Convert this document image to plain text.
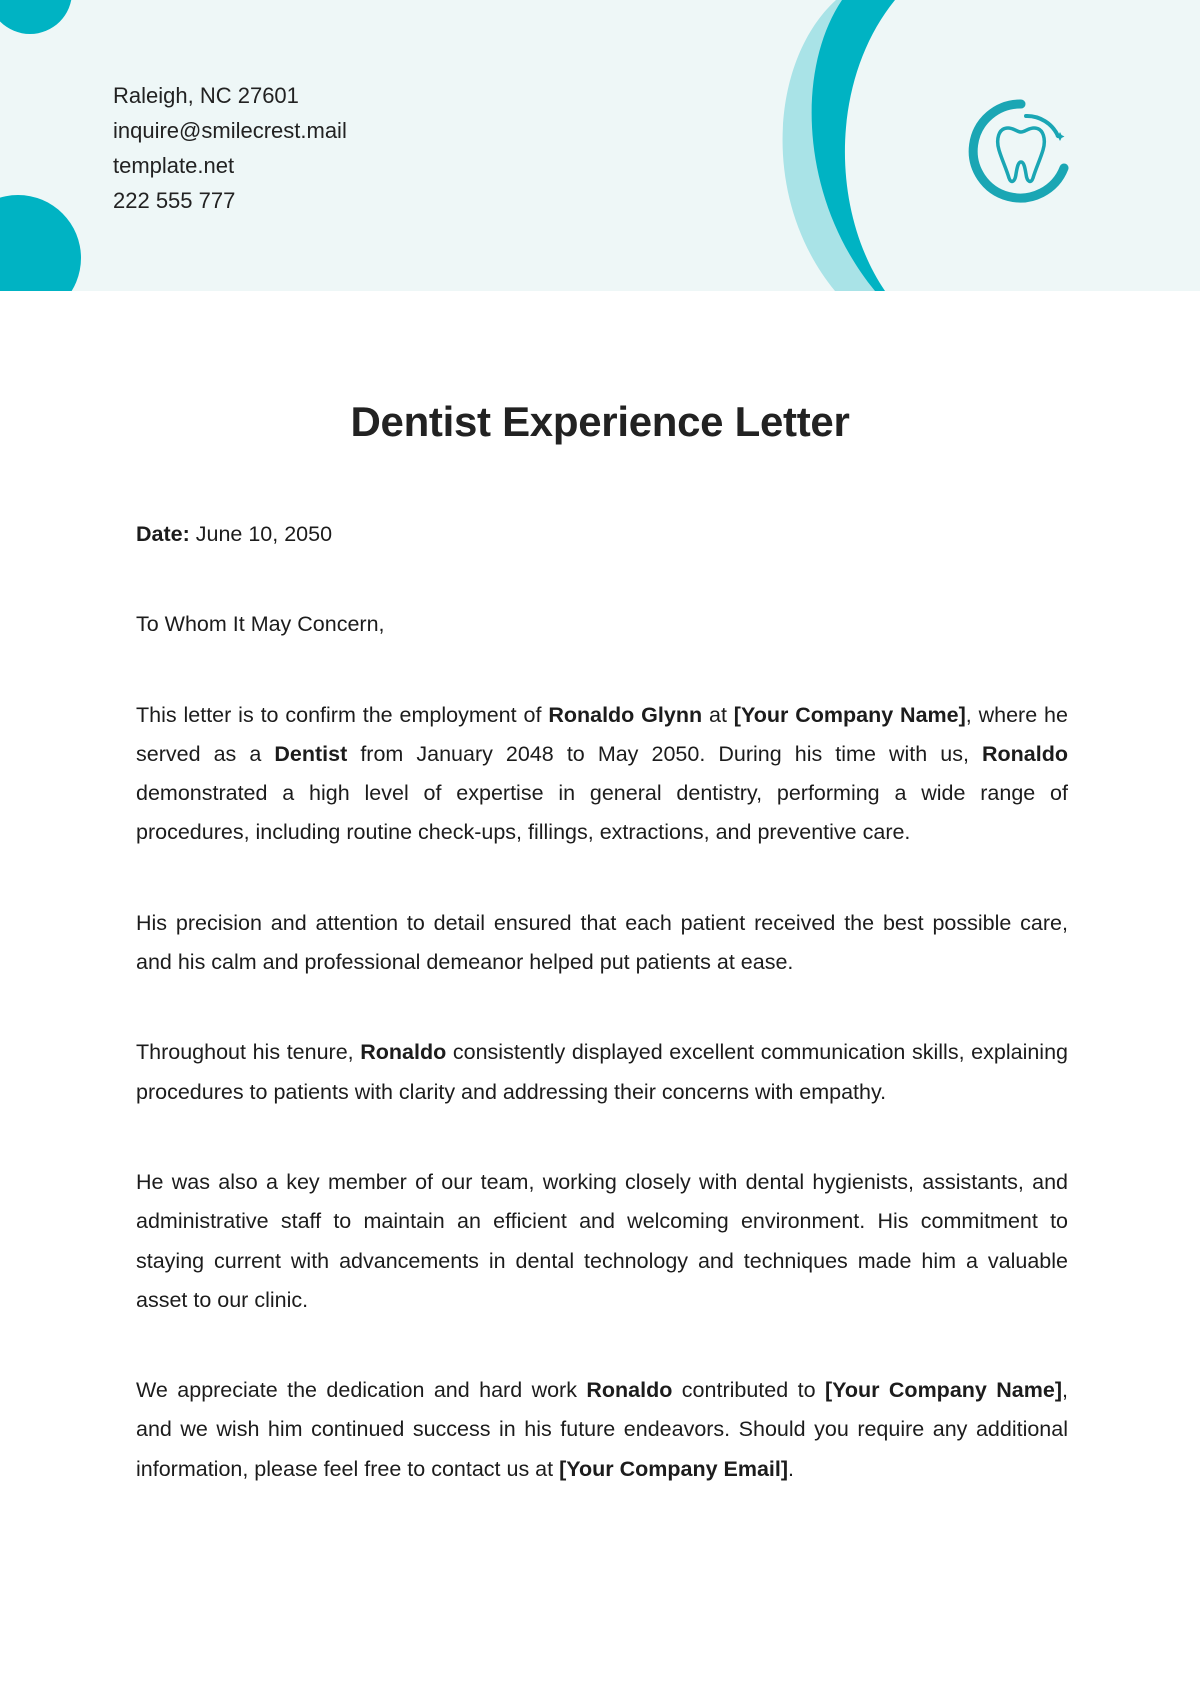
Raleigh, NC 27601
inquire@smilecrest.mail
template.net
222 555 777
Dentist Experience Letter

Date: June 10, 2050

To Whom It May Concern,

This letter is to confirm the employment of Ronaldo Glynn at [Your Company Name], where he served as a Dentist from January 2048 to May 2050. During his time with us, Ronaldo demonstrated a high level of expertise in general dentistry, performing a wide range of procedures, including routine check-ups, fillings, extractions, and preventive care.

His precision and attention to detail ensured that each patient received the best possible care, and his calm and professional demeanor helped put patients at ease.

Throughout his tenure, Ronaldo consistently displayed excellent communication skills, explaining procedures to patients with clarity and addressing their concerns with empathy.

He was also a key member of our team, working closely with dental hygienists, assistants, and administrative staff to maintain an efficient and welcoming environment. His commitment to staying current with advancements in dental technology and techniques made him a valuable asset to our clinic.

We appreciate the dedication and hard work Ronaldo contributed to [Your Company Name], and we wish him continued success in his future endeavors. Should you require any additional information, please feel free to contact us at [Your Company Email].
